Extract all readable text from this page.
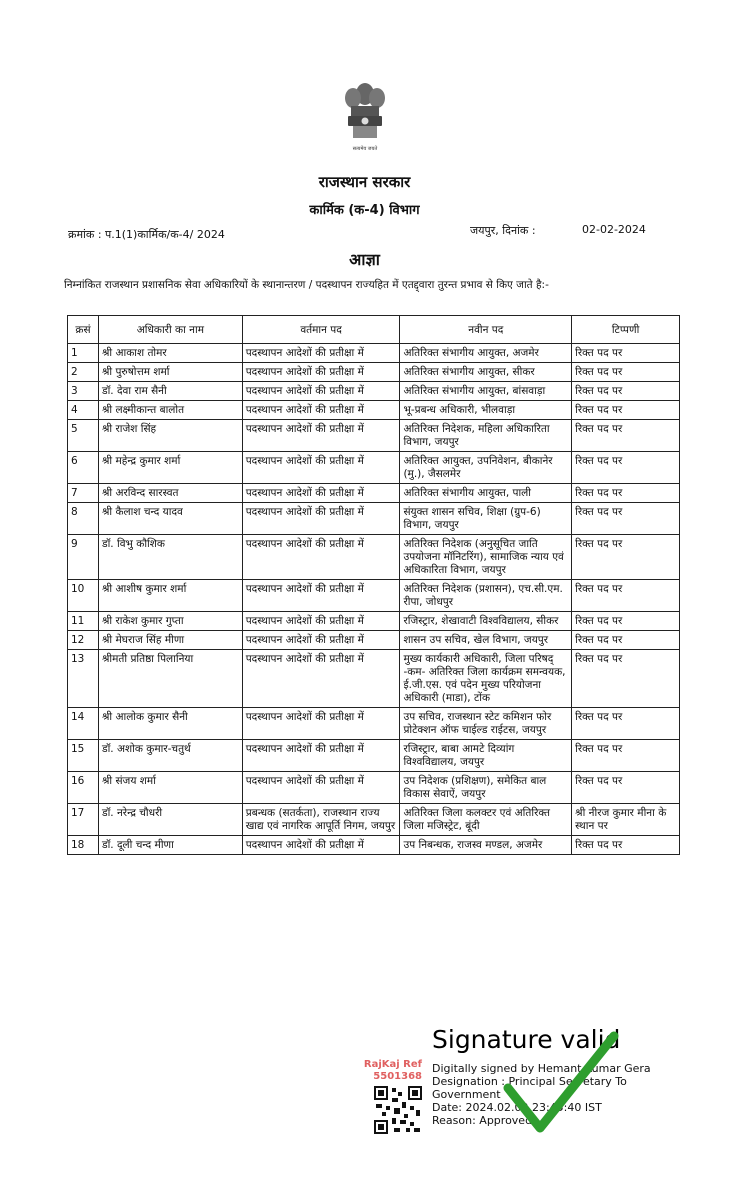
सत्यमेव जयते
राजस्थान सरकार
कार्मिक (क-4) विभाग
क्रमांक : प.1(1)कार्मिक/क-4/ 2024	जयपुर, दिनांक :	02-02-2024
आज्ञा
निम्नांकित राजस्थान प्रशासनिक सेवा अधिकारियों के स्थानान्तरण / पदस्थापन राज्यहित में एतद्द्वारा तुरन्त प्रभाव से किए जाते है:-
क्रसं	अधिकारी का नाम	वर्तमान पद	नवीन पद	टिप्पणी
1	श्री आकाश तोमर	पदस्थापन आदेशों की प्रतीक्षा में	अतिरिक्त संभागीय आयुक्त, अजमेर	रिक्त पद पर
2	श्री पुरुषोत्तम शर्मा	पदस्थापन आदेशों की प्रतीक्षा में	अतिरिक्त संभागीय आयुक्त, सीकर	रिक्त पद पर
3	डॉ. देवा राम सैनी	पदस्थापन आदेशों की प्रतीक्षा में	अतिरिक्त संभागीय आयुक्त, बांसवाड़ा	रिक्त पद पर
4	श्री लक्ष्मीकान्त बालोत	पदस्थापन आदेशों की प्रतीक्षा में	भू-प्रबन्ध अधिकारी, भीलवाड़ा	रिक्त पद पर
5	श्री राजेश सिंह	पदस्थापन आदेशों की प्रतीक्षा में	अतिरिक्त निदेशक, महिला अधिकारिता विभाग, जयपुर	रिक्त पद पर
6	श्री महेन्द्र कुमार शर्मा	पदस्थापन आदेशों की प्रतीक्षा में	अतिरिक्त आयुक्त, उपनिवेशन, बीकानेर (मु.), जैसलमेर	रिक्त पद पर
7	श्री अरविन्द सारस्वत	पदस्थापन आदेशों की प्रतीक्षा में	अतिरिक्त संभागीय आयुक्त, पाली	रिक्त पद पर
8	श्री कैलाश चन्द यादव	पदस्थापन आदेशों की प्रतीक्षा में	संयुक्त शासन सचिव, शिक्षा (ग्रुप-6) विभाग, जयपुर	रिक्त पद पर
9	डॉ. विभु कौशिक	पदस्थापन आदेशों की प्रतीक्षा में	अतिरिक्त निदेशक (अनुसूचित जाति उपयोजना मॉनिटरिंग), सामाजिक न्याय एवं अधिकारिता विभाग, जयपुर	रिक्त पद पर
10	श्री आशीष कुमार शर्मा	पदस्थापन आदेशों की प्रतीक्षा में	अतिरिक्त निदेशक (प्रशासन), एच.सी.एम. रीपा, जोधपुर	रिक्त पद पर
11	श्री राकेश कुमार गुप्ता	पदस्थापन आदेशों की प्रतीक्षा में	रजिस्ट्रार, शेखावाटी विश्वविद्यालय, सीकर	रिक्त पद पर
12	श्री मेघराज सिंह मीणा	पदस्थापन आदेशों की प्रतीक्षा में	शासन उप सचिव, खेल विभाग, जयपुर	रिक्त पद पर
13	श्रीमती प्रतिष्ठा पिलानिया	पदस्थापन आदेशों की प्रतीक्षा में	मुख्य कार्यकारी अधिकारी, जिला परिषद् -कम- अतिरिक्त जिला कार्यक्रम समन्वयक, ई.जी.एस. एवं पदेन मुख्य परियोजना अधिकारी (माडा), टोंक	रिक्त पद पर
14	श्री आलोक कुमार सैनी	पदस्थापन आदेशों की प्रतीक्षा में	उप सचिव, राजस्थान स्टेट कमिशन फोर प्रोटेक्शन ऑफ चाईल्ड राईटस, जयपुर	रिक्त पद पर
15	डॉ. अशोक कुमार-चतुर्थ	पदस्थापन आदेशों की प्रतीक्षा में	रजिस्ट्रार, बाबा आमटे दिव्यांग विश्वविद्यालय, जयपुर	रिक्त पद पर
16	श्री संजय शर्मा	पदस्थापन आदेशों की प्रतीक्षा में	उप निदेशक (प्रशिक्षण), समेकित बाल विकास सेवाऐं, जयपुर	रिक्त पद पर
17	डॉ. नरेन्द्र चौधरी	प्रबन्धक (सतर्कता), राजस्थान राज्य खाद्य एवं नागरिक आपूर्ति निगम, जयपुर	अतिरिक्त जिला कलक्टर एवं अतिरिक्त जिला मजिस्ट्रेट, बूंदी	श्री नीरज कुमार मीना के स्थान पर
18	डॉ. दूली चन्द मीणा	पदस्थापन आदेशों की प्रतीक्षा में	उप निबन्धक, राजस्व मण्डल, अजमेर	रिक्त पद पर
RajKaj Ref
5501368
Signature valid
Digitally signed by Hemant Kumar Gera
Designation : Principal Secretary To
Government
Date: 2024.02.02 23:45:40 IST
Reason: Approved
